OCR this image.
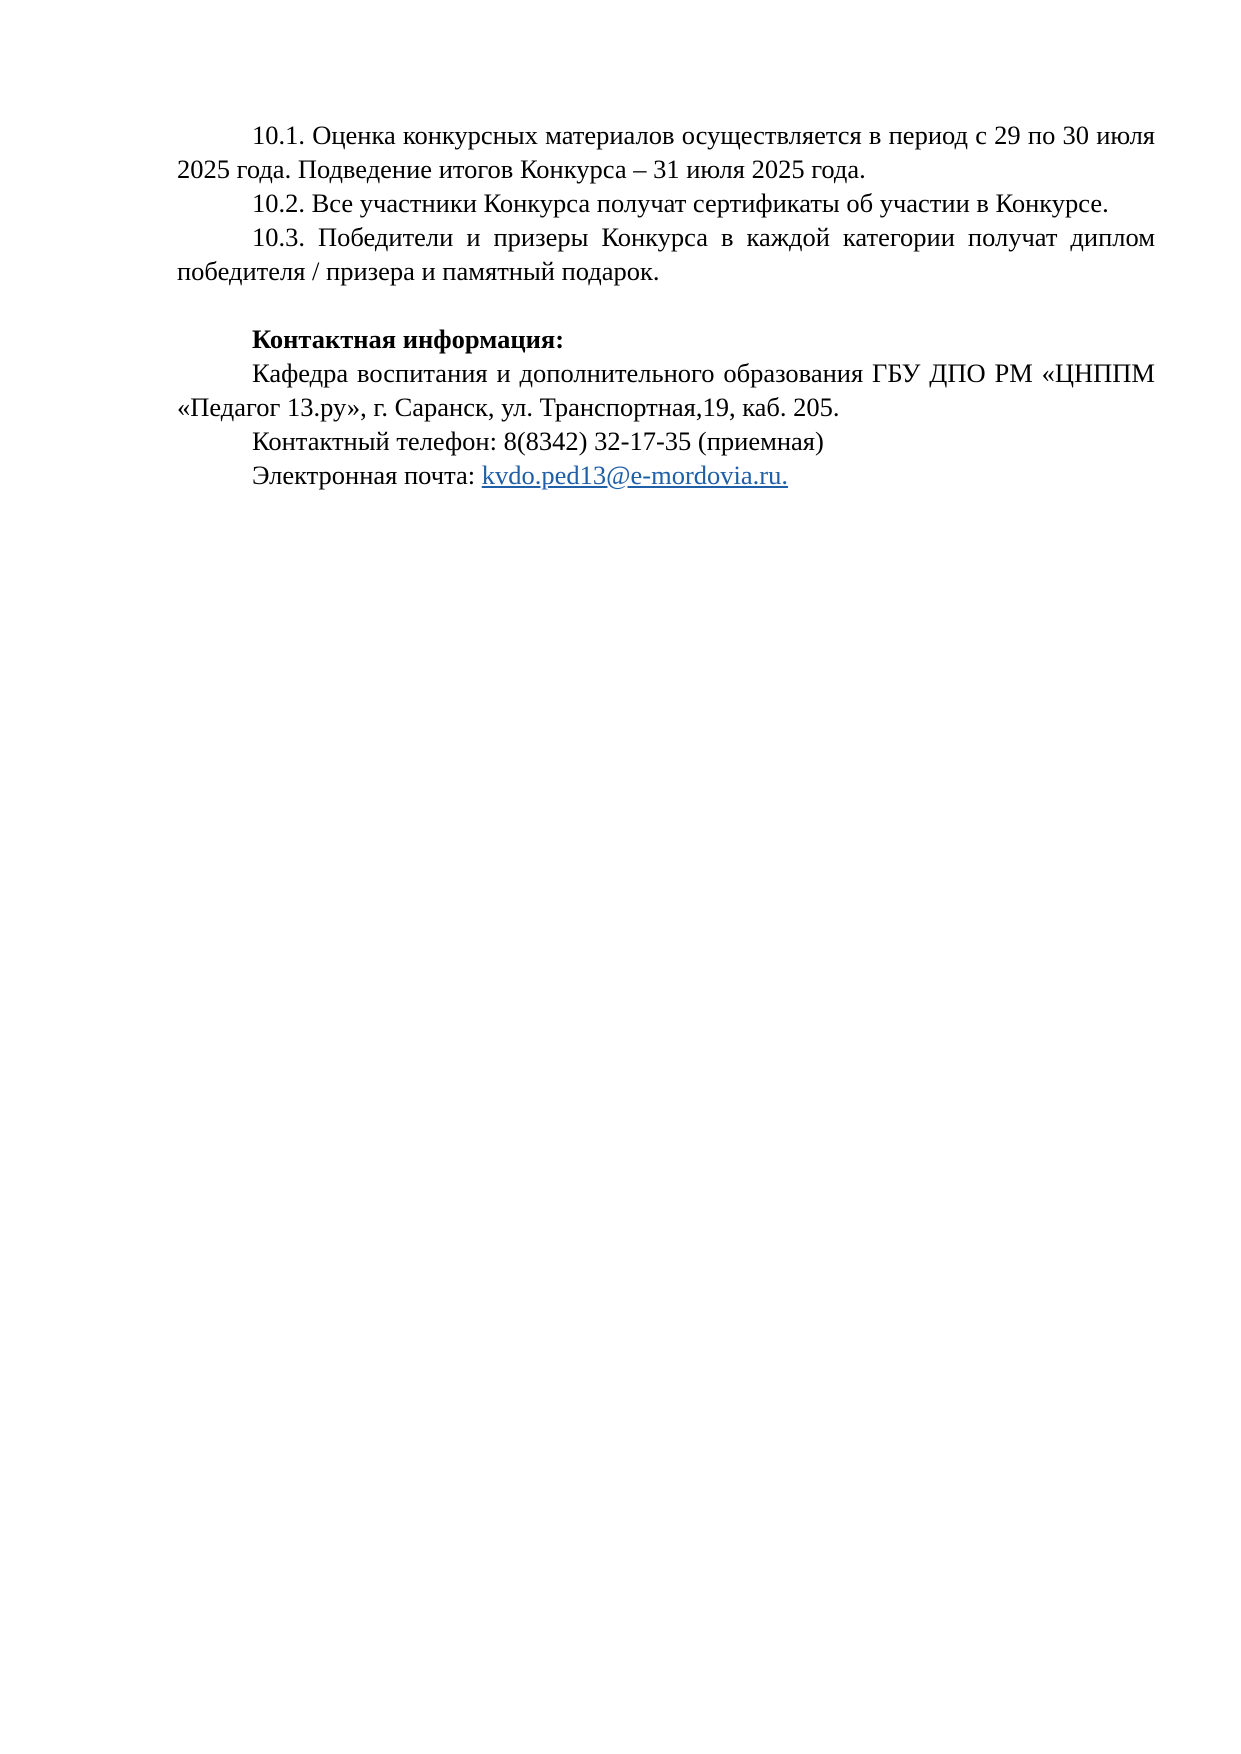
10.1. Оценка конкурсных материалов осуществляется в период с 29 по 30 июля 2025 года. Подведение итогов Конкурса – 31 июля 2025 года.

10.2. Все участники Конкурса получат сертификаты об участии в Конкурсе.

10.3. Победители и призеры Конкурса в каждой категории получат диплом победителя / призера и памятный подарок.

Контактная информация:

Кафедра воспитания и дополнительного образования ГБУ ДПО РМ «ЦНППМ «Педагог 13.ру», г. Саранск, ул. Транспортная,19, каб. 205.

Контактный телефон: 8(8342) 32-17-35 (приемная)

Электронная почта: kvdo.ped13@e-mordovia.ru.
